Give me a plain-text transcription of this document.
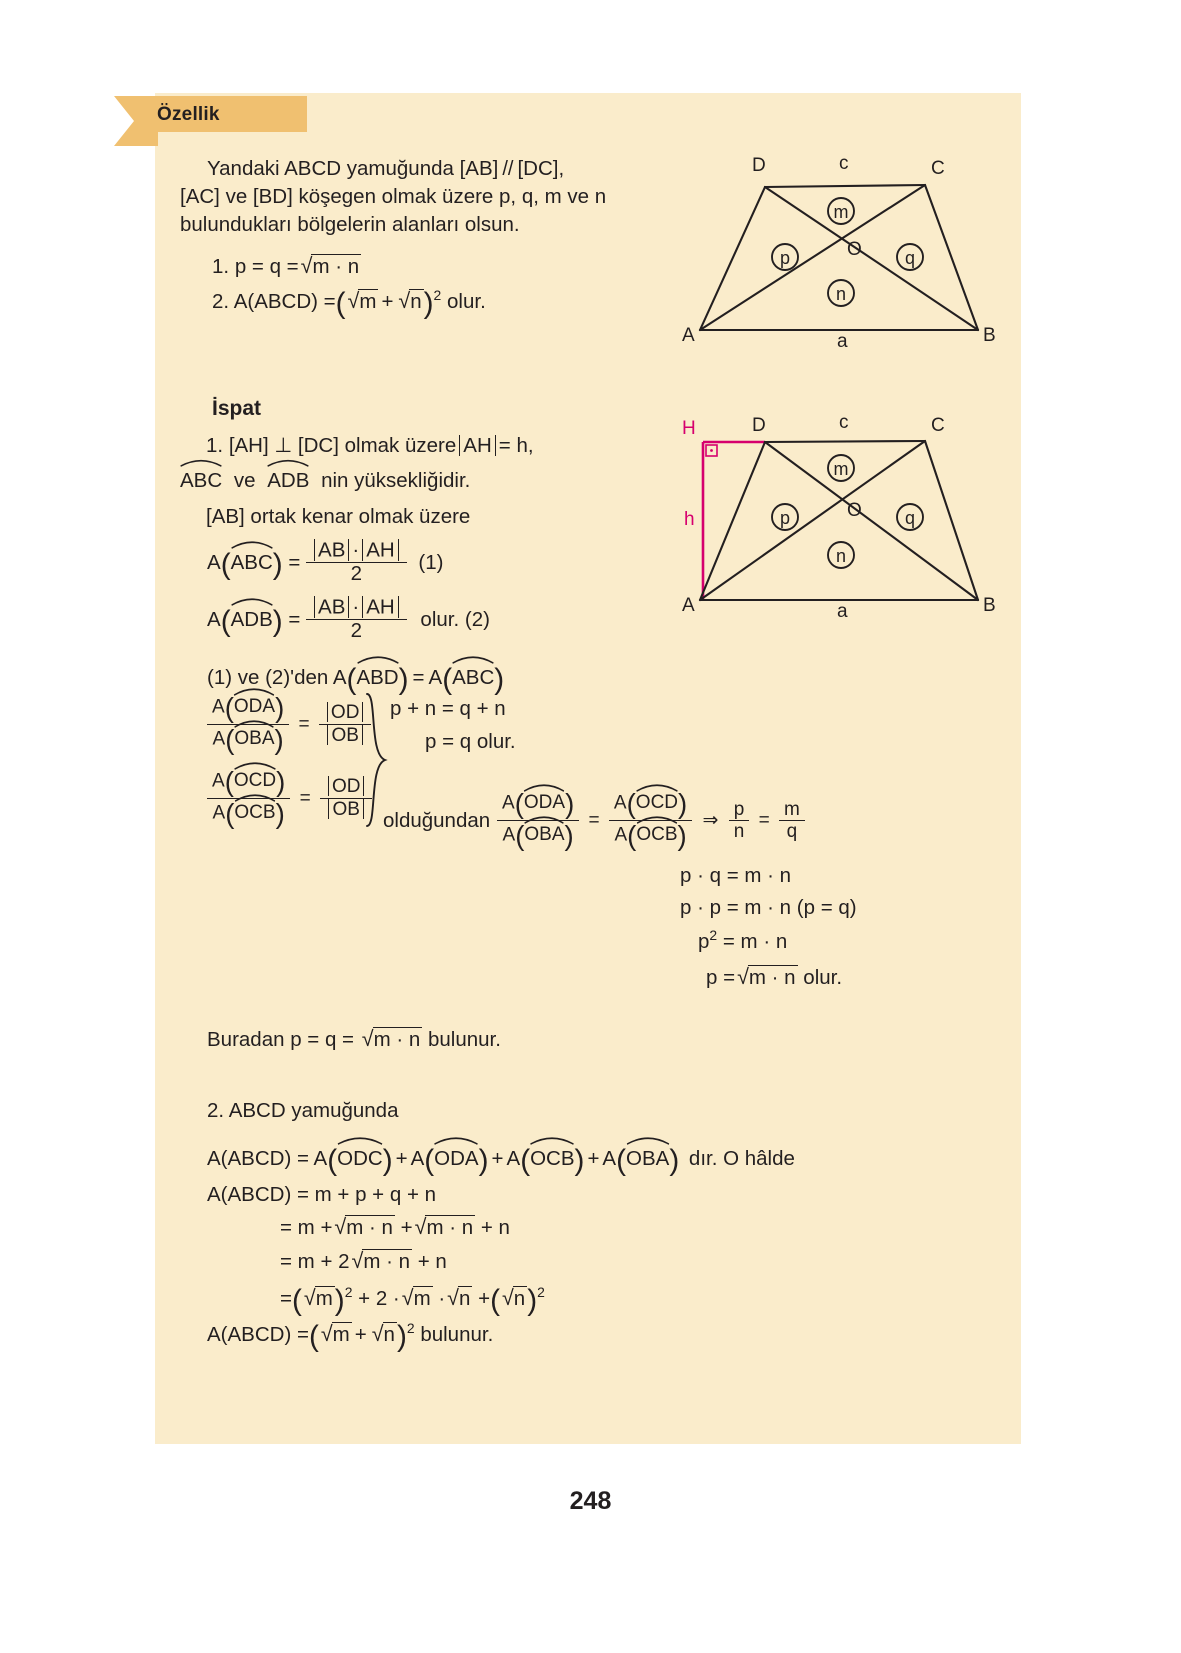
Özellik
Yandaki ABCD yamuğunda [AB] // [DC],
[AC] ve [BD] köşegen olmak üzere p, q, m ve n
bulundukları bölgelerin alanları olsun.
1. p = q =√m · n
2. A(ABCD) $=(√m + √n)^2$ olur.
D	C
A	B
c
a
O
m
p	q
n
İspat
1. [AH] ⊥ [DC] olmak üzere AH = h,
ABC ve ADB nin yüksekliğidir.
[AB] ortak kenar olmak üzere
A(
$ABC) = \frac{AB \cdot AH}{2} (1)$
A(
$ADB) = \frac{AB \cdot AH}{2}$ olur. (2)
D	C
A	B
c
a
O
H
h
m
p	q
n
(1) ve (2)'den A(
ABD) = A(
ABC)
A(
ODA)
A(
$OBA) = \frac{OD}{OB}$
A(
OCD)
A(
$OCB) = \frac{OD}{OB}$
p + n = q + n
p = q olur.
olduğundan A(
ODA)
A(
OBA) = A(
OCD)
A(
OCB) ⇒ $\frac{p}{n} = \frac{m}{q}$
p · q = m · n
p · p = m · n (p = q)
$p^2 = m \cdot n$
p =√m · n olur.
Buradan p = q = √m · n bulunur.
2. ABCD yamuğunda
A(ABCD) = A(
ODC) + A(
ODA) + A(
OCB) + A(
OBA) dır. O hâlde
A(ABCD) = m + p + q + n
= m +√m · n +√m · n + n
= m + 2√m · n + n
$=(√m)^2 + 2 \cdot√m \cdot√n +(√n)^2$
A(ABCD) $=(√m + √n)^2$ bulunur.
248
